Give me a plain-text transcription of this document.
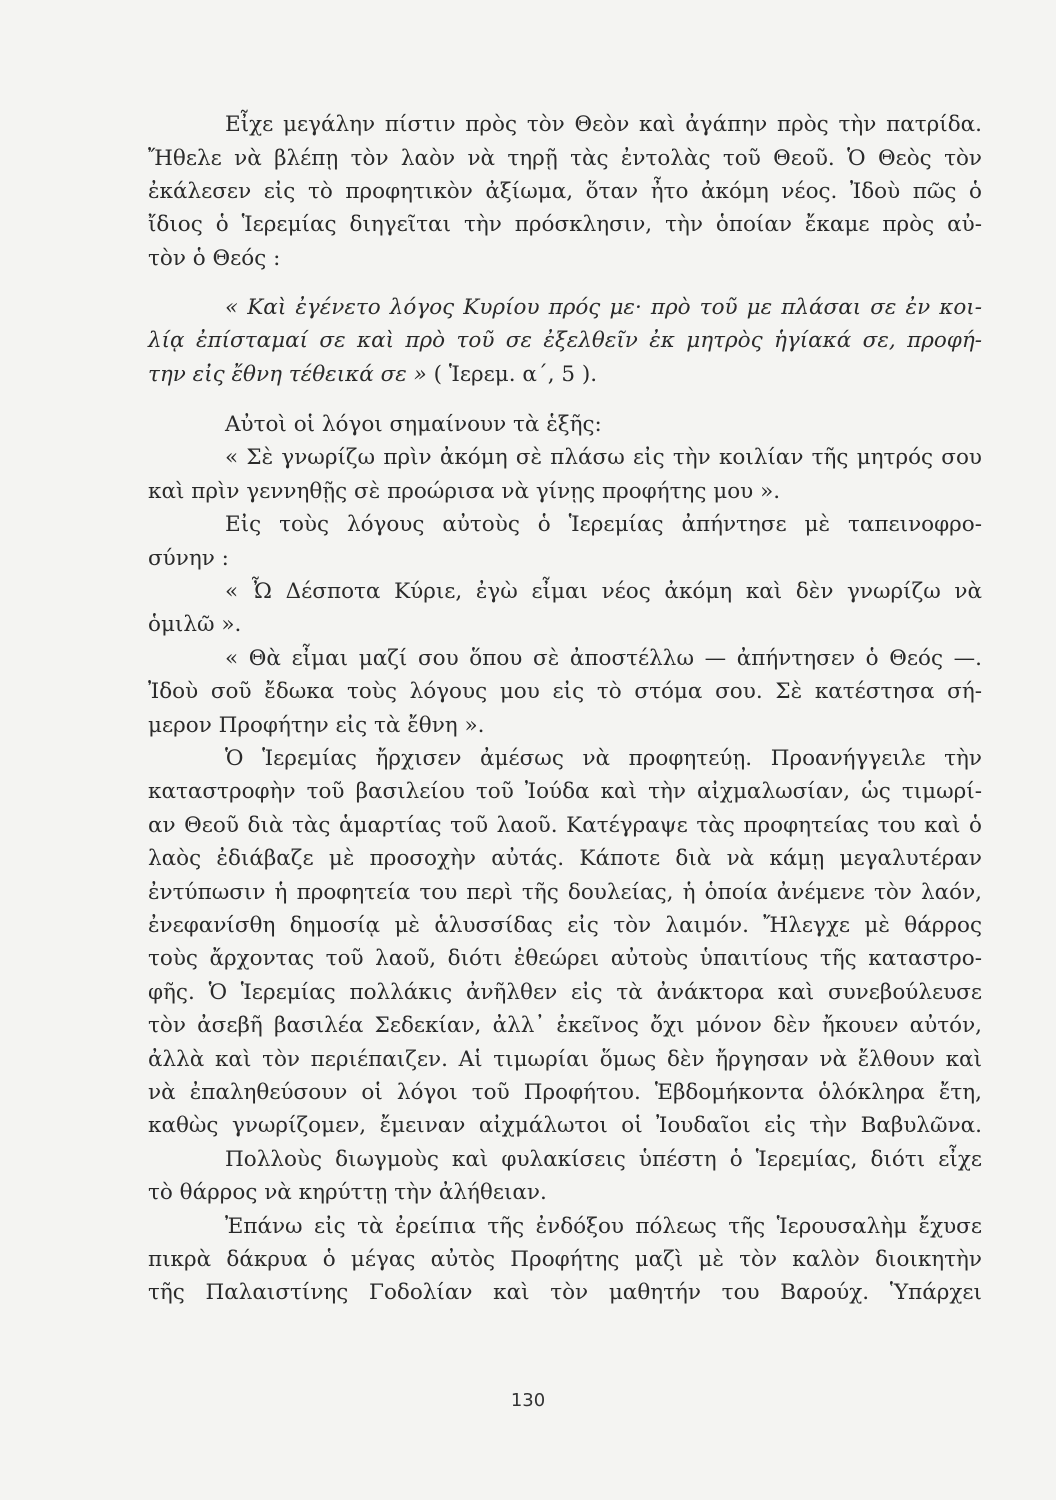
Εἶχε μεγάλην πίστιν πρὸς τὸν Θεὸν καὶ ἀγάπην πρὸς τὴν πατρίδα.
Ἤθελε νὰ βλέπῃ τὸν λαὸν νὰ τηρῇ τὰς ἐντολὰς τοῦ Θεοῦ. Ὁ Θεὸς τὸν
ἐκάλεσεν εἰς τὸ προφητικὸν ἀξίωμα, ὅταν ἦτο ἀκόμη νέος. Ἰδοὺ πῶς ὁ
ἴδιος ὁ Ἱερεμίας διηγεῖται τὴν πρόσκλησιν, τὴν ὁποίαν ἔκαμε πρὸς αὐ-
τὸν ὁ Θεός :
« Καὶ ἐγένετο λόγος Κυρίου πρός με· πρὸ τοῦ με πλάσαι σε ἐν κοι-
λίᾳ ἐπίσταμαί σε καὶ πρὸ τοῦ σε ἐξελθεῖν ἐκ μητρὸς ἡγίακά σε, προφή-
την εἰς ἔθνη τέθεικά σε » ( Ἱερεμ. α΄, 5 ).
Αὐτοὶ οἱ λόγοι σημαίνουν τὰ ἑξῆς:
« Σὲ γνωρίζω πρὶν ἀκόμη σὲ πλάσω εἰς τὴν κοιλίαν τῆς μητρός σου
καὶ πρὶν γεννηθῇς σὲ προώρισα νὰ γίνῃς προφήτης μου ».
Εἰς τοὺς λόγους αὐτοὺς ὁ Ἱερεμίας ἀπήντησε μὲ ταπεινοφρο-
σύνην :
« Ὦ Δέσποτα Κύριε, ἐγὼ εἶμαι νέος ἀκόμη καὶ δὲν γνωρίζω νὰ
ὁμιλῶ ».
« Θὰ εἶμαι μαζί σου ὅπου σὲ ἀποστέλλω — ἀπήντησεν ὁ Θεός —.
Ἰδοὺ σοῦ ἔδωκα τοὺς λόγους μου εἰς τὸ στόμα σου. Σὲ κατέστησα σή-
μερον Προφήτην εἰς τὰ ἔθνη ».
Ὁ Ἱερεμίας ἤρχισεν ἀμέσως νὰ προφητεύῃ. Προανήγγειλε τὴν
καταστροφὴν τοῦ βασιλείου τοῦ Ἰούδα καὶ τὴν αἰχμαλωσίαν, ὡς τιμωρί-
αν Θεοῦ διὰ τὰς ἁμαρτίας τοῦ λαοῦ. Κατέγραψε τὰς προφητείας του καὶ ὁ
λαὸς ἐδιάβαζε μὲ προσοχὴν αὐτάς. Κάποτε διὰ νὰ κάμῃ μεγαλυτέραν
ἐντύπωσιν ἡ προφητεία του περὶ τῆς δουλείας, ἡ ὁποία ἀνέμενε τὸν λαόν,
ἐνεφανίσθη δημοσίᾳ μὲ ἁλυσσίδας εἰς τὸν λαιμόν. Ἤλεγχε μὲ θάρρος
τοὺς ἄρχοντας τοῦ λαοῦ, διότι ἐθεώρει αὐτοὺς ὑπαιτίους τῆς καταστρο-
φῆς. Ὁ Ἱερεμίας πολλάκις ἀνῆλθεν εἰς τὰ ἀνάκτορα καὶ συνεβούλευσε
τὸν ἀσεβῆ βασιλέα Σεδεκίαν, ἀλλ᾽ ἐκεῖνος ὄχι μόνον δὲν ἤκουεν αὐτόν,
ἀλλὰ καὶ τὸν περιέπαιζεν. Αἱ τιμωρίαι ὅμως δὲν ἤργησαν νὰ ἔλθουν καὶ
νὰ ἐπαληθεύσουν οἱ λόγοι τοῦ Προφήτου. Ἑβδομήκοντα ὁλόκληρα ἔτη,
καθὼς γνωρίζομεν, ἔμειναν αἰχμάλωτοι οἱ Ἰουδαῖοι εἰς τὴν Βαβυλῶνα.
Πολλοὺς διωγμοὺς καὶ φυλακίσεις ὑπέστη ὁ Ἱερεμίας, διότι εἶχε
τὸ θάρρος νὰ κηρύττῃ τὴν ἀλήθειαν.
Ἐπάνω εἰς τὰ ἐρείπια τῆς ἐνδόξου πόλεως τῆς Ἱερουσαλὴμ ἔχυσε
πικρὰ δάκρυα ὁ μέγας αὐτὸς Προφήτης μαζὶ μὲ τὸν καλὸν διοικητὴν
τῆς Παλαιστίνης Γοδολίαν καὶ τὸν μαθητήν του Βαρούχ. Ὑπάρχει
130
